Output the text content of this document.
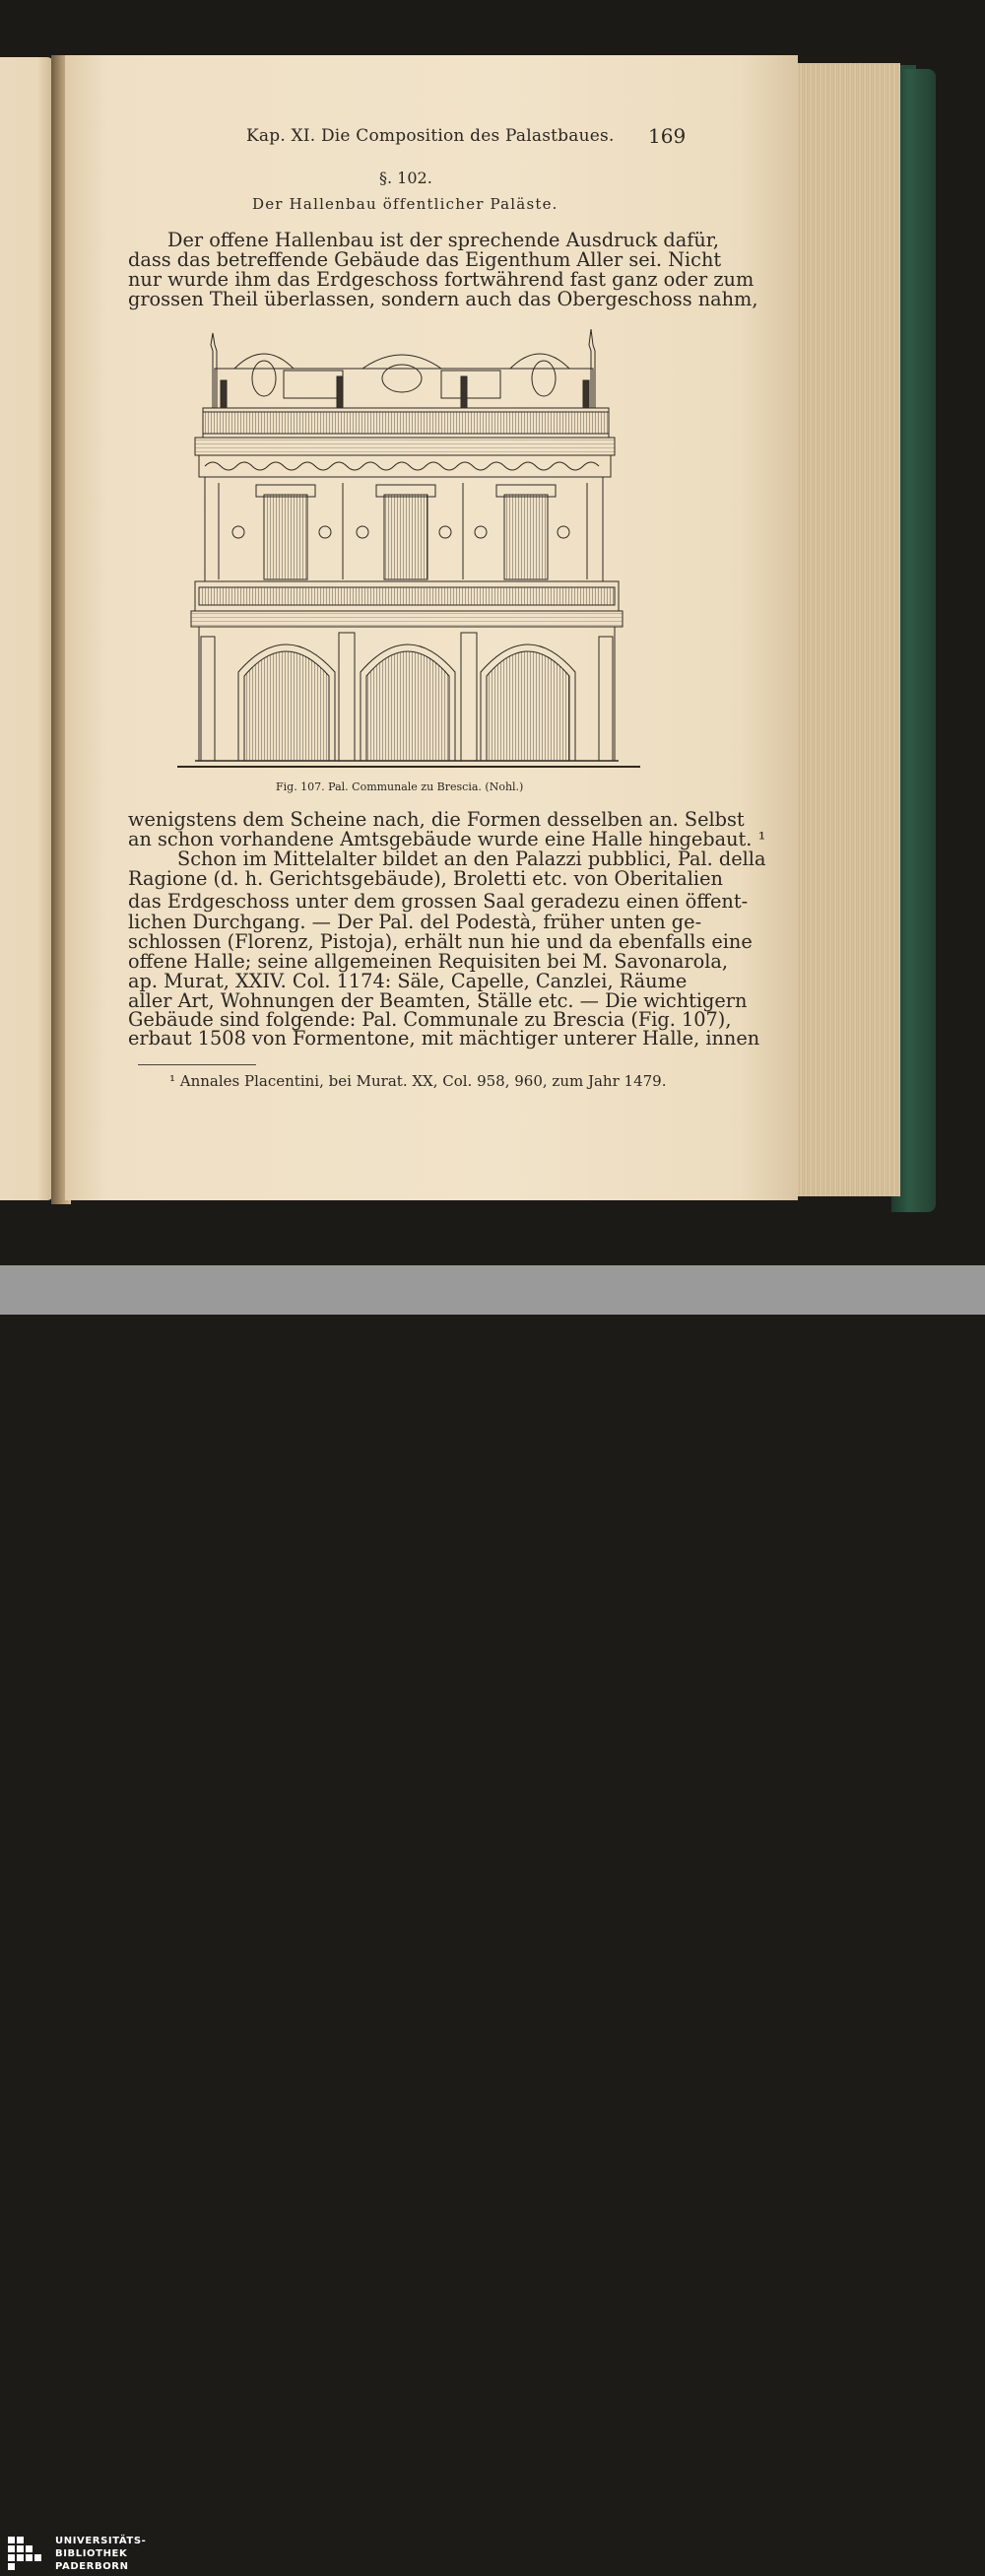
Kap. XI. Die Composition des Palastbaues. 169
§. 102.
Der Hallenbau öffentlicher Paläste.
Der offene Hallenbau ist der sprechende Ausdruck dafür,
dass das betreffende Gebäude das Eigenthum Aller sei. Nicht
nur wurde ihm das Erdgeschoss fortwährend fast ganz oder zum
grossen Theil überlassen, sondern auch das Obergeschoss nahm,
Fig. 107. Pal. Communale zu Brescia. (Nohl.)
wenigstens dem Scheine nach, die Formen desselben an. Selbst
an schon vorhandene Amtsgebäude wurde eine Halle hingebaut. ¹
Schon im Mittelalter bildet an den Palazzi pubblici, Pal. della
Ragione (d. h. Gerichtsgebäude), Broletti etc. von Oberitalien
das Erdgeschoss unter dem grossen Saal geradezu einen öffent-
lichen Durchgang. — Der Pal. del Podestà, früher unten ge-
schlossen (Florenz, Pistoja), erhält nun hie und da ebenfalls eine
offene Halle; seine allgemeinen Requisiten bei M. Savonarola,
ap. Murat, XXIV. Col. 1174: Säle, Capelle, Canzlei, Räume
aller Art, Wohnungen der Beamten, Ställe etc. — Die wichtigern
Gebäude sind folgende: Pal. Communale zu Brescia (Fig. 107),
erbaut 1508 von Formentone, mit mächtiger unterer Halle, innen
¹ Annales Placentini, bei Murat. XX, Col. 958, 960, zum Jahr 1479.
UNIVERSITÄTS-
BIBLIOTHEK
PADERBORN
